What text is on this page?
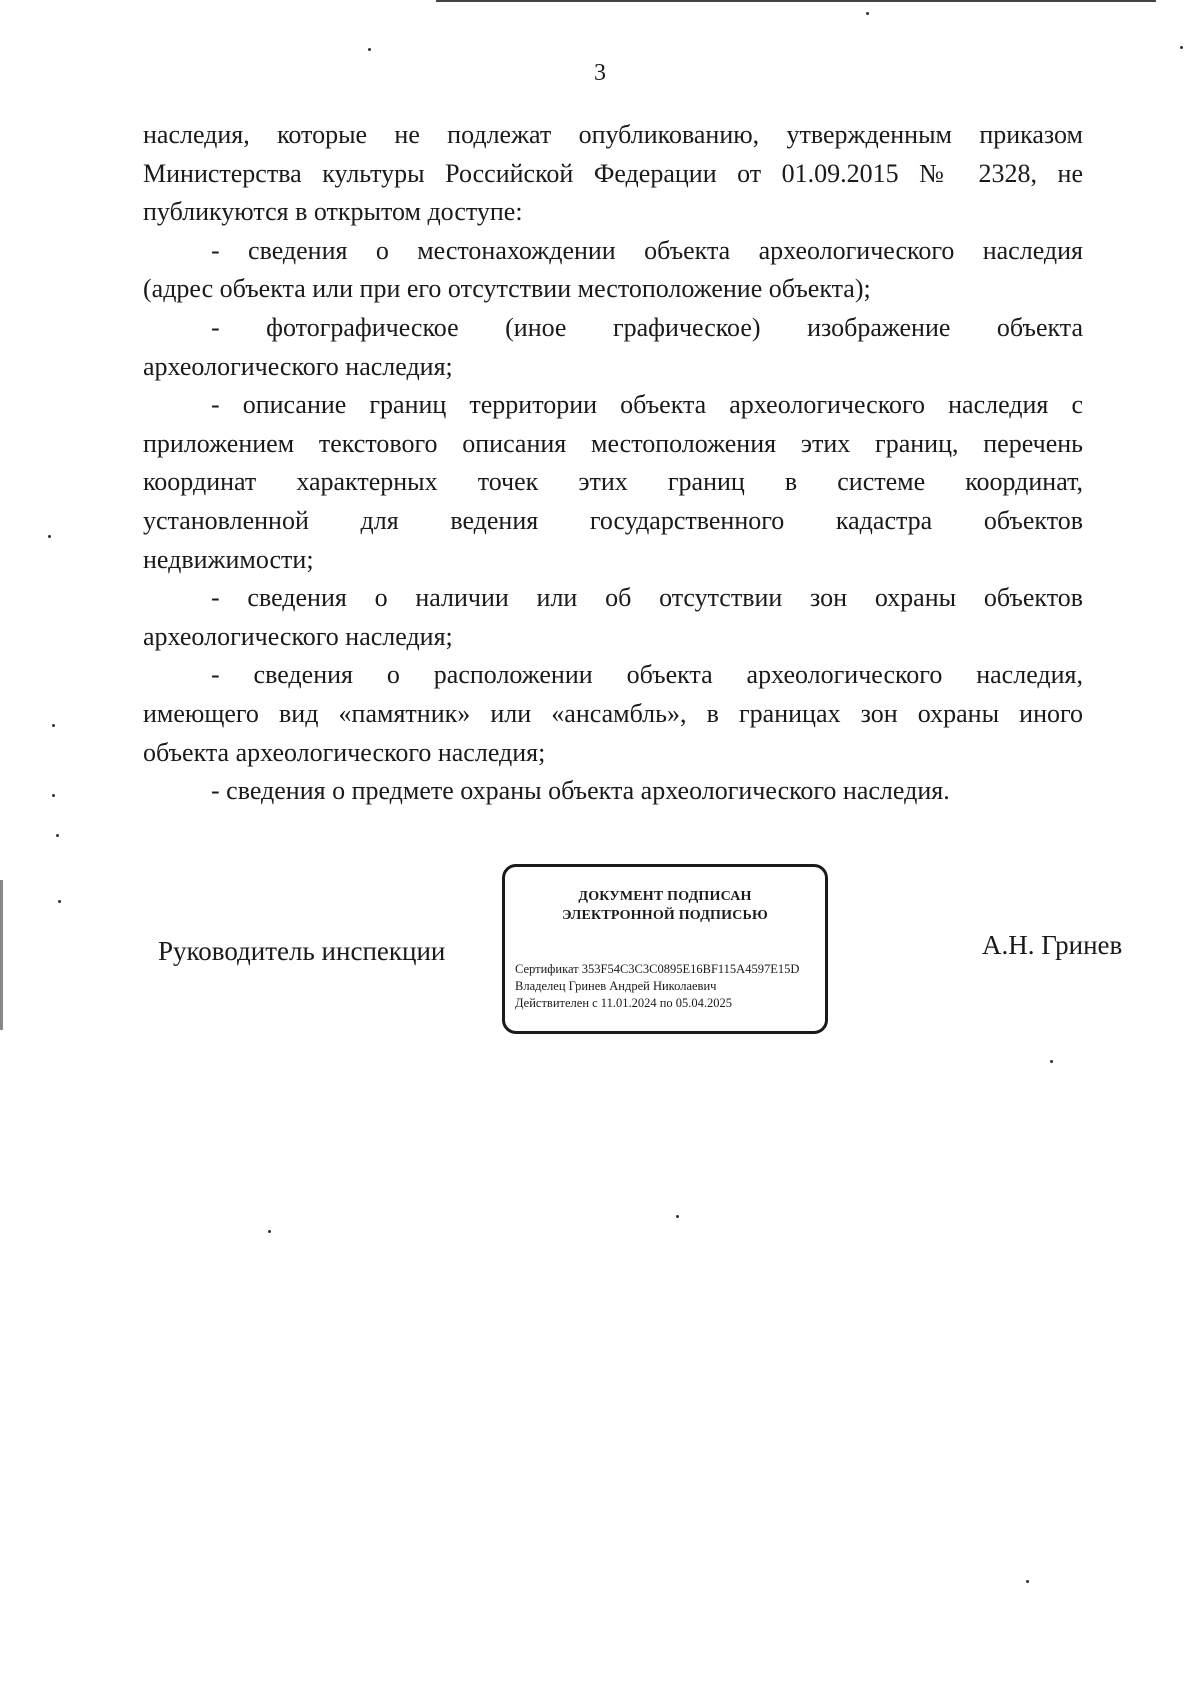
3
наследия, которые не подлежат опубликованию, утвержденным приказом
Министерства культуры Российской Федерации от 01.09.2015 № 2328, не
публикуются в открытом доступе:
- сведения о местонахождении объекта археологического наследия
(адрес объекта или при его отсутствии местоположение объекта);
- фотографическое (иное графическое) изображение объекта
археологического наследия;
- описание границ территории объекта археологического наследия с
приложением текстового описания местоположения этих границ, перечень
координат характерных точек этих границ в системе координат,
установленной для ведения государственного кадастра объектов
недвижимости;
- сведения о наличии или об отсутствии зон охраны объектов
археологического наследия;
- сведения о расположении объекта археологического наследия,
имеющего вид «памятник» или «ансамбль», в границах зон охраны иного
объекта археологического наследия;
- сведения о предмете охраны объекта археологического наследия.
Руководитель инспекции
ДОКУМЕНТ ПОДПИСАН
ЭЛЕКТРОННОЙ ПОДПИСЬЮ
Сертификат 353F54C3C3C0895E16BF115A4597E15D
Владелец Гринев Андрей Николаевич
Действителен с 11.01.2024 по 05.04.2025
А.Н. Гринев
